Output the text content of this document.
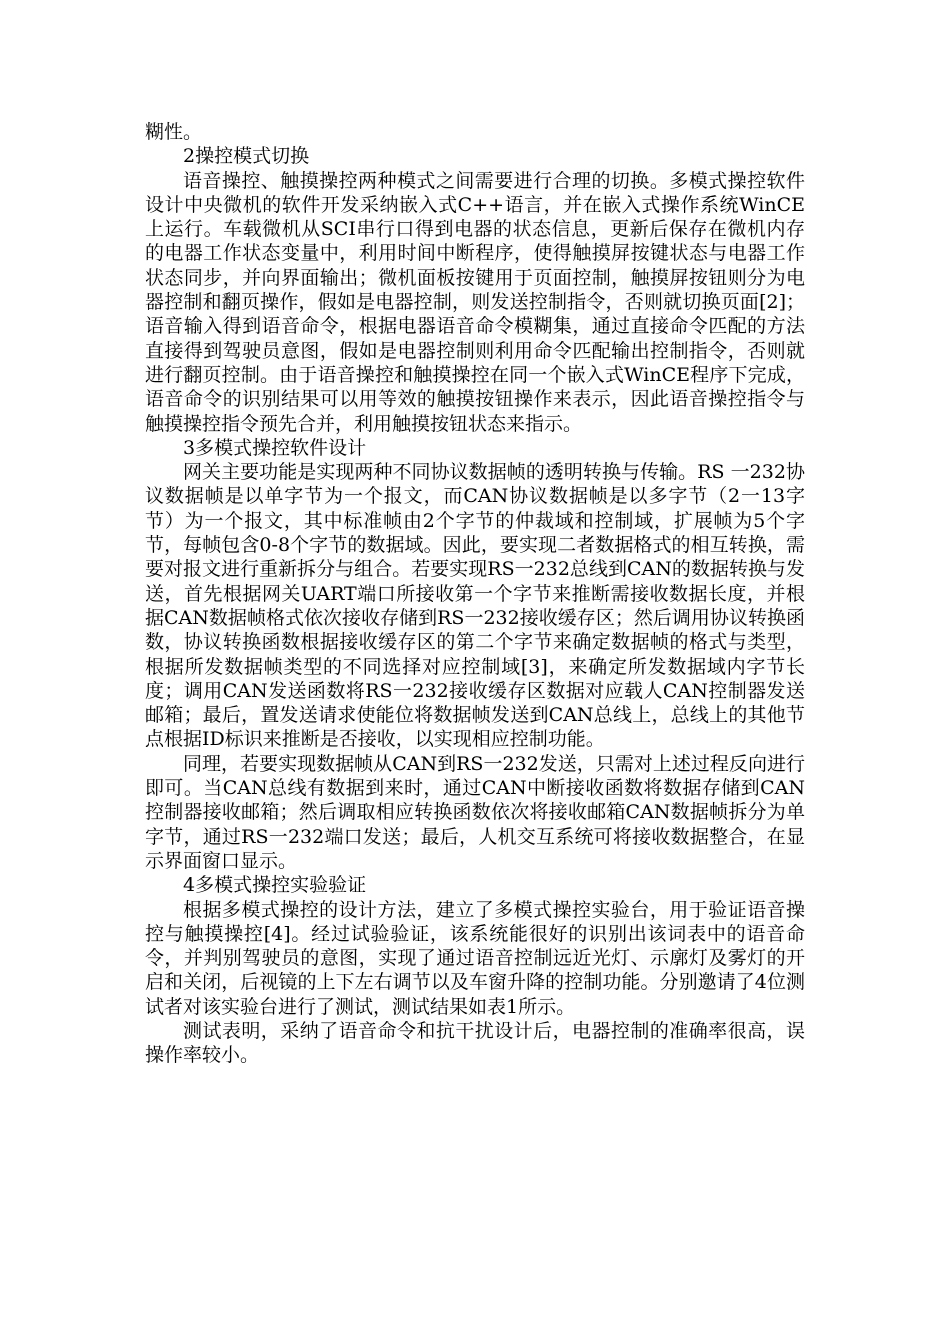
糊性。

2操控模式切换

语音操控、触摸操控两种模式之间需要进行合理的切换。多模式操控软件设计中央微机的软件开发采纳嵌入式C++语言，并在嵌入式操作系统WinCE上运行。车载微机从SCI串行口得到电器的状态信息，更新后保存在微机内存的电器工作状态变量中，利用时间中断程序，使得触摸屏按键状态与电器工作状态同步，并向界面输出；微机面板按键用于页面控制，触摸屏按钮则分为电器控制和翻页操作，假如是电器控制，则发送控制指令，否则就切换页面[2]；语音输入得到语音命令，根据电器语音命令模糊集，通过直接命令匹配的方法直接得到驾驶员意图，假如是电器控制则利用命令匹配输出控制指令，否则就进行翻页控制。由于语音操控和触摸操控在同一个嵌入式WinCE程序下完成，语音命令的识别结果可以用等效的触摸按钮操作来表示，因此语音操控指令与触摸操控指令预先合并，利用触摸按钮状态来指示。

3多模式操控软件设计

网关主要功能是实现两种不同协议数据帧的透明转换与传输。RS 一232协议数据帧是以单字节为一个报文，而CAN协议数据帧是以多字节（2一13字节）为一个报文，其中标准帧由2个字节的仲裁域和控制域，扩展帧为5个字节，每帧包含0-8个字节的数据域。因此，要实现二者数据格式的相互转换，需要对报文进行重新拆分与组合。若要实现RS一232总线到CAN的数据转换与发送，首先根据网关UART端口所接收第一个字节来推断需接收数据长度，并根据CAN数据帧格式依次接收存储到RS一232接收缓存区；然后调用协议转换函数，协议转换函数根据接收缓存区的第二个字节来确定数据帧的格式与类型，根据所发数据帧类型的不同选择对应控制域[3]，来确定所发数据域内字节长度；调用CAN发送函数将RS一232接收缓存区数据对应载人CAN控制器发送邮箱；最后，置发送请求使能位将数据帧发送到CAN总线上，总线上的其他节点根据ID标识来推断是否接收，以实现相应控制功能。

同理，若要实现数据帧从CAN到RS一232发送，只需对上述过程反向进行即可。当CAN总线有数据到来时，通过CAN中断接收函数将数据存储到CAN控制器接收邮箱；然后调取相应转换函数依次将接收邮箱CAN数据帧拆分为单字节，通过RS一232端口发送；最后，人机交互系统可将接收数据整合，在显示界面窗口显示。

4多模式操控实验验证

根据多模式操控的设计方法，建立了多模式操控实验台，用于验证语音操控与触摸操控[4]。经过试验验证，该系统能很好的识别出该词表中的语音命令，并判别驾驶员的意图，实现了通过语音控制远近光灯、示廓灯及雾灯的开启和关闭，后视镜的上下左右调节以及车窗升降的控制功能。分别邀请了4位测试者对该实验台进行了测试，测试结果如表1所示。

测试表明，采纳了语音命令和抗干扰设计后，电器控制的准确率很高，误操作率较小。
